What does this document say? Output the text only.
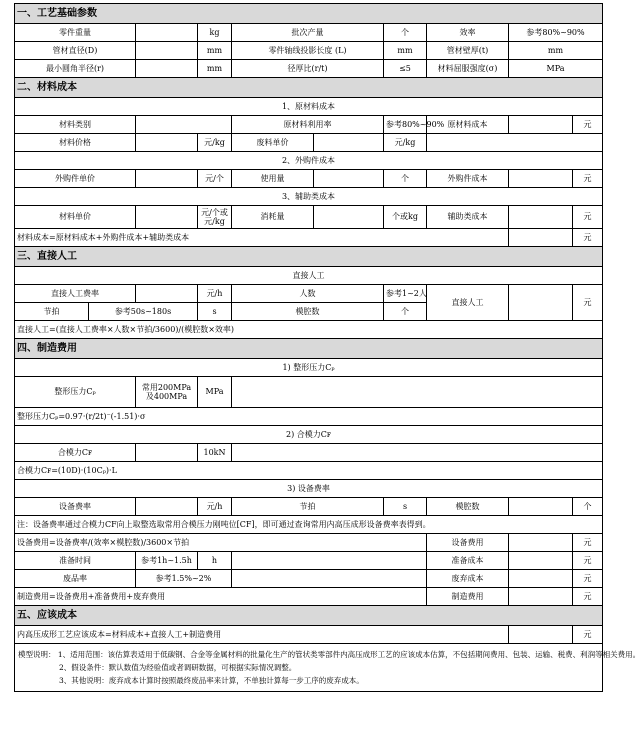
一、工艺基础参数									
零件重量			kg	批次产量		个	效率	参考80%~90%	
管材直径(D)			mm	零件轴线投影长度 (L)		mm	管材壁厚(t)	mm	
最小圆角半径(r)			mm	径厚比(r/t)		≤5	材料屈服强度(σ)	MPa	
二、材料成本									
1、原材料成本									
材料类别				原材料利用率		参考80%~90%	原材料成本		元
材料价格			元/kg	废料单价		元/kg			
2、外购件成本									
外购件单价			元/个	使用量		个	外购件成本		元
3、辅助类成本									
材料单价			元/个或元/kg	消耗量		个或kg	辅助类成本		元
材料成本=原材料成本+外购件成本+辅助类成本									元
三、直接人工									
直接人工									
直接人工费率			元/h	人数		参考1~2人	直接人工		元
节拍	参考50s~180s		s	模腔数		个			
直接人工=(直接人工费率×人数×节拍/3600)/(模腔数×效率)									
四、制造费用									
1) 整形压力Cₚ									
整形压力Cₚ		常用200MPa 及400MPa	MPa						
整形压力Cₚ=0.97·(r/2t)⁻(-1.51)·σ									
2) 合模力Cꜰ									
合模力Cꜰ			10kN						
合模力Cꜰ=(10D)·(10Cₚ)·L									
3) 设备费率									
设备费率			元/h	节拍		s	模腔数		个
注：设备费率通过合模力CF向上取整选取常用合模压力刚吨位[CF]，即可通过查询常用内高压成形设备费率表得到。									
设备费用=设备费率/(效率×模腔数)/3600×节拍							设备费用		元
准备时间		参考1h~1.5h	h				准备成本		元
废品率		参考1.5%~2%					废弃成本		元
制造费用=设备费用+准备费用+废弃费用							制造费用		元
五、应该成本									
内高压成形工艺应该成本=材料成本+直接人工+制造费用									元

模型说明： 1、适用范围：该估算表适用于低碳钢、合金等金属材料的批量化生产的管状类零部件内高压成形工艺的应该成本估算，不包括期间费用、包装、运输、税费、利润等相关费用。
2、假设条件：默认数值为经验值或者调研数据，可根据实际情况调整。
3、其他说明：废弃成本计算时按照最终废品率来计算，不单独计算每一步工序的废弃成本。									
